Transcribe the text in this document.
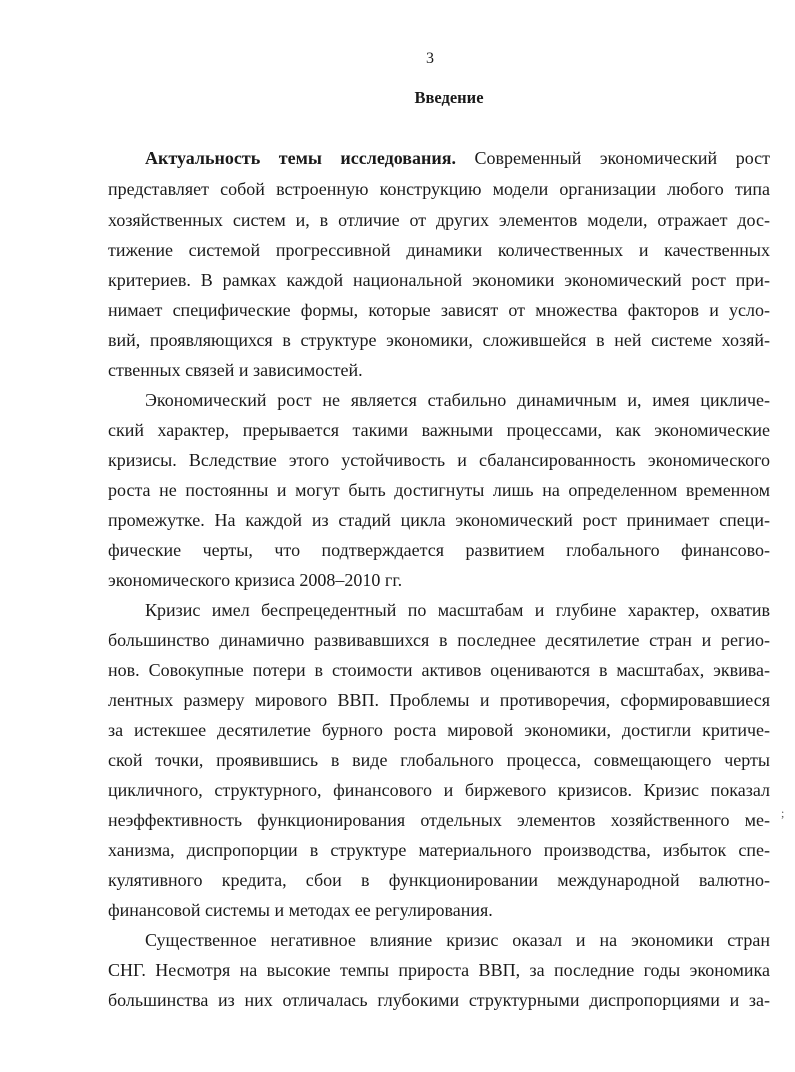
3
Введение
Актуальность темы исследования. Современный экономический рост
представляет собой встроенную конструкцию модели организации любого типа
хозяйственных систем и, в отличие от других элементов модели, отражает дос-
тижение системой прогрессивной динамики количественных и качественных
критериев. В рамках каждой национальной экономики экономический рост при-
нимает специфические формы, которые зависят от множества факторов и усло-
вий, проявляющихся в структуре экономики, сложившейся в ней системе хозяй-
ственных связей и зависимостей.
Экономический рост не является стабильно динамичным и, имея цикличе-
ский характер, прерывается такими важными процессами, как экономические
кризисы. Вследствие этого устойчивость и сбалансированность экономического
роста не постоянны и могут быть достигнуты лишь на определенном временном
промежутке. На каждой из стадий цикла экономический рост принимает специ-
фические черты, что подтверждается развитием глобального финансово-
экономического кризиса 2008–2010 гг.
Кризис имел беспрецедентный по масштабам и глубине характер, охватив
большинство динамично развивавшихся в последнее десятилетие стран и регио-
нов. Совокупные потери в стоимости активов оцениваются в масштабах, эквива-
лентных размеру мирового ВВП. Проблемы и противоречия, сформировавшиеся
за истекшее десятилетие бурного роста мировой экономики, достигли критиче-
ской точки, проявившись в виде глобального процесса, совмещающего черты
цикличного, структурного, финансового и биржевого кризисов. Кризис показал
неэффективность функционирования отдельных элементов хозяйственного ме-
ханизма, диспропорции в структуре материального производства, избыток спе-
кулятивного кредита, сбои в функционировании международной валютно-
финансовой системы и методах ее регулирования.
Существенное негативное влияние кризис оказал и на экономики стран
СНГ. Несмотря на высокие темпы прироста ВВП, за последние годы экономика
большинства из них отличалась глубокими структурными диспропорциями и за-
;
